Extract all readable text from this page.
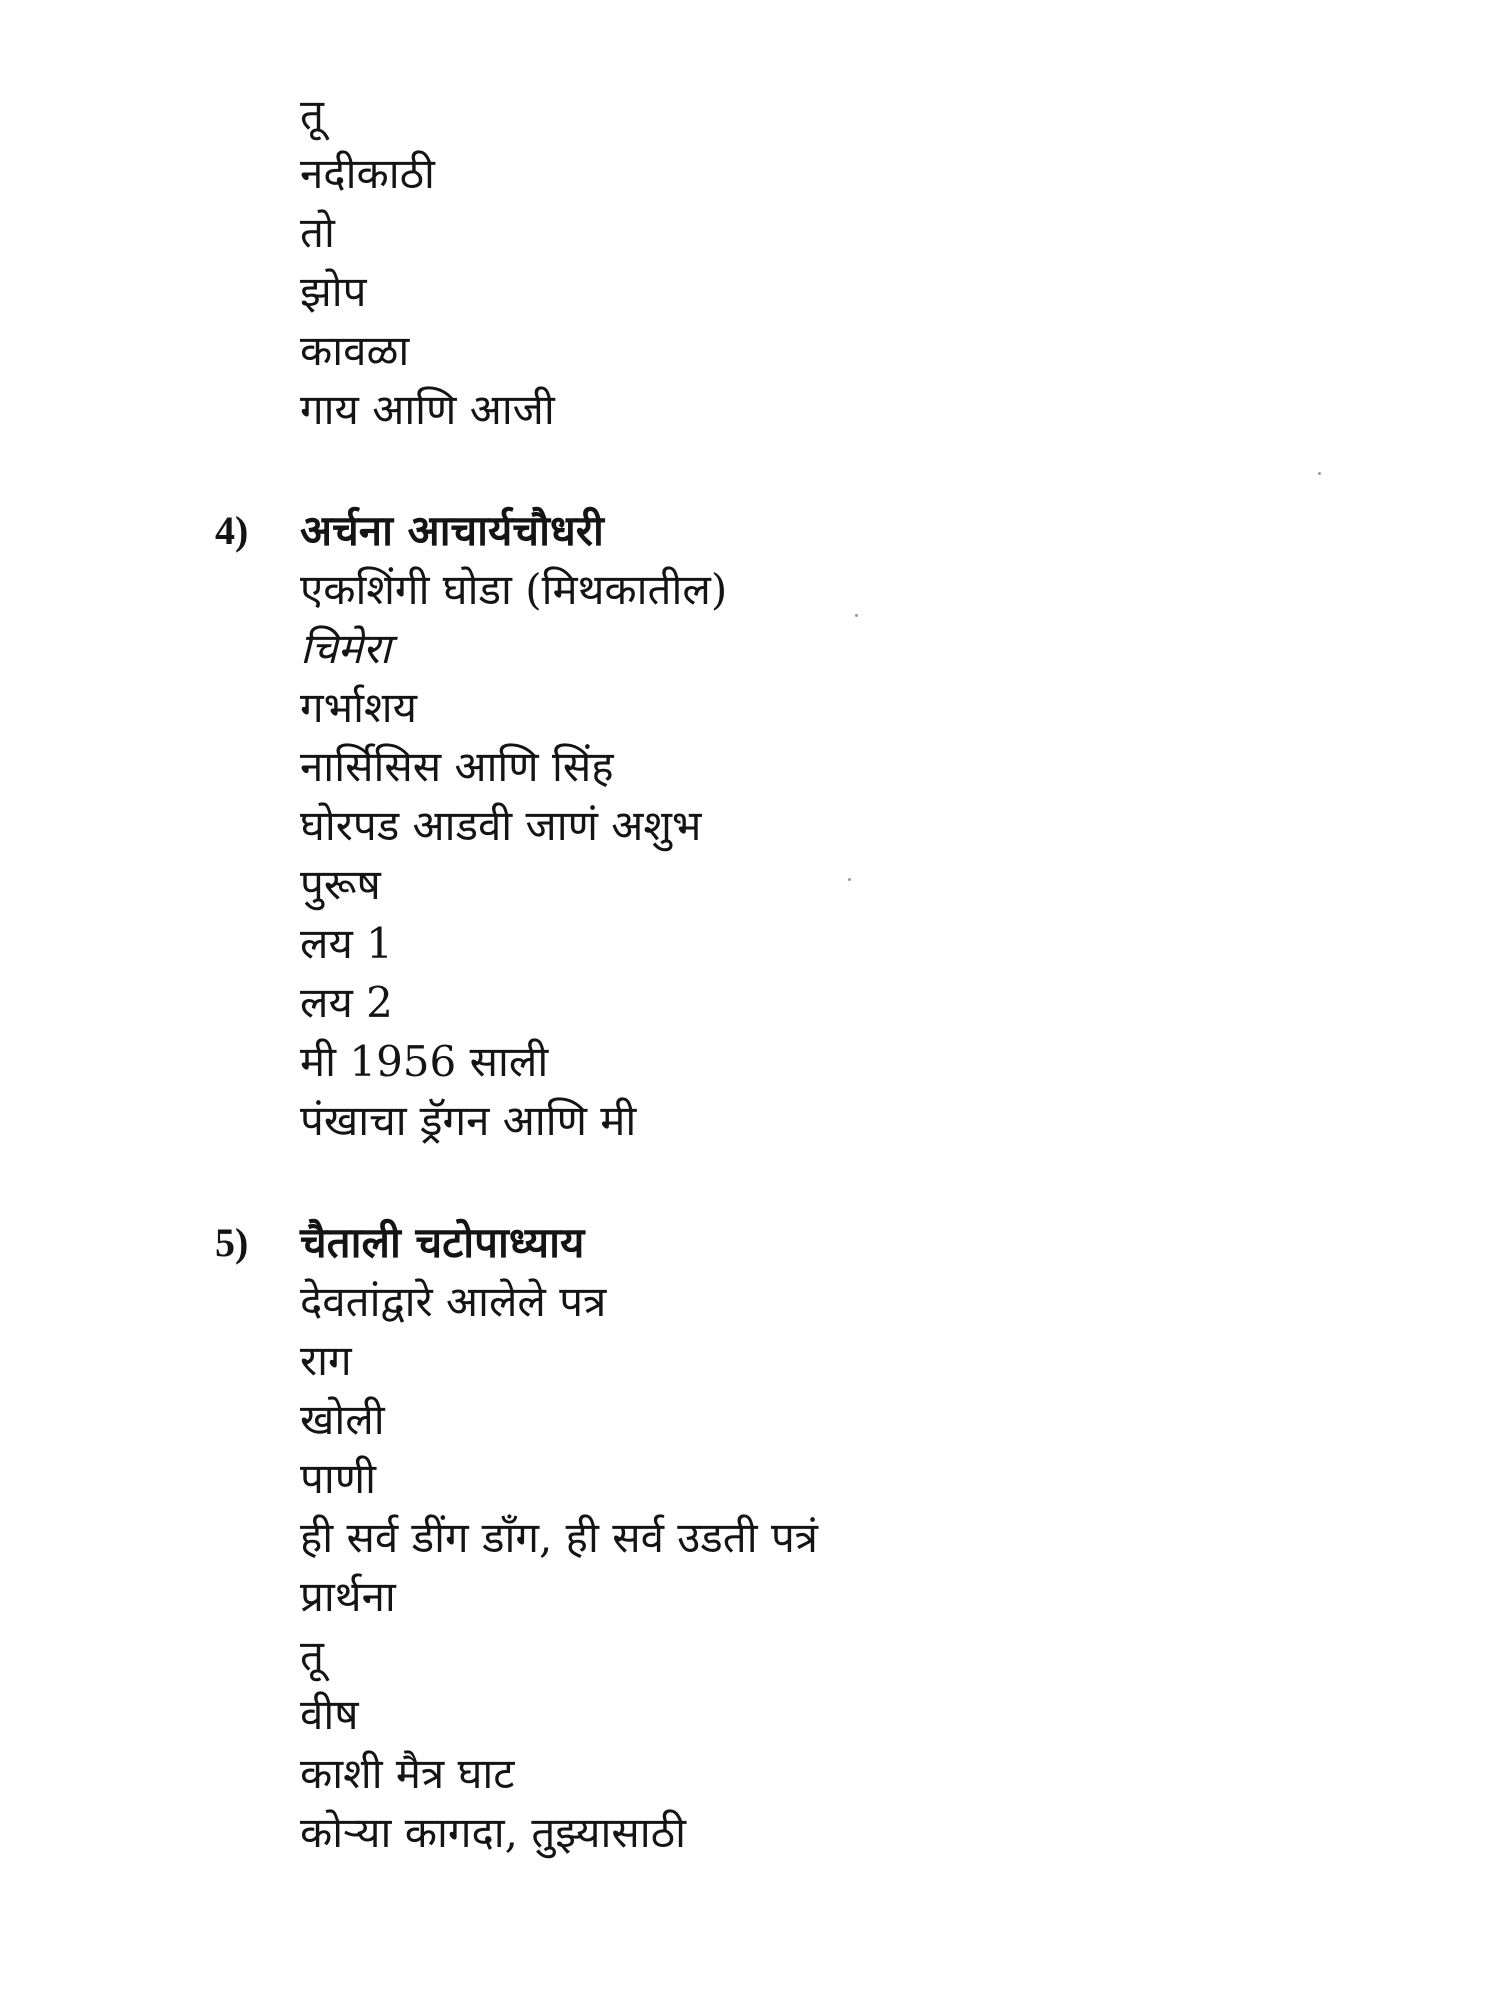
तू
नदीकाठी
तो
झोप
कावळा
गाय आणि आजी
4) अर्चना आचार्यचौधरी
एकशिंगी घोडा (मिथकातील)
चिमेरा
गर्भाशय
नार्सिसिस आणि सिंह
घोरपड आडवी जाणं अशुभ
पुरूष
लय 1
लय 2
मी 1956 साली
पंखाचा ड्रॅगन आणि मी
5) चैताली चटोपाध्याय
देवतांद्वारे आलेले पत्र
राग
खोली
पाणी
ही सर्व डींग डाँग, ही सर्व उडती पत्रं
प्रार्थना
तू
वीष
काशी मैत्र घाट
कोऱ्या कागदा, तुझ्यासाठी
